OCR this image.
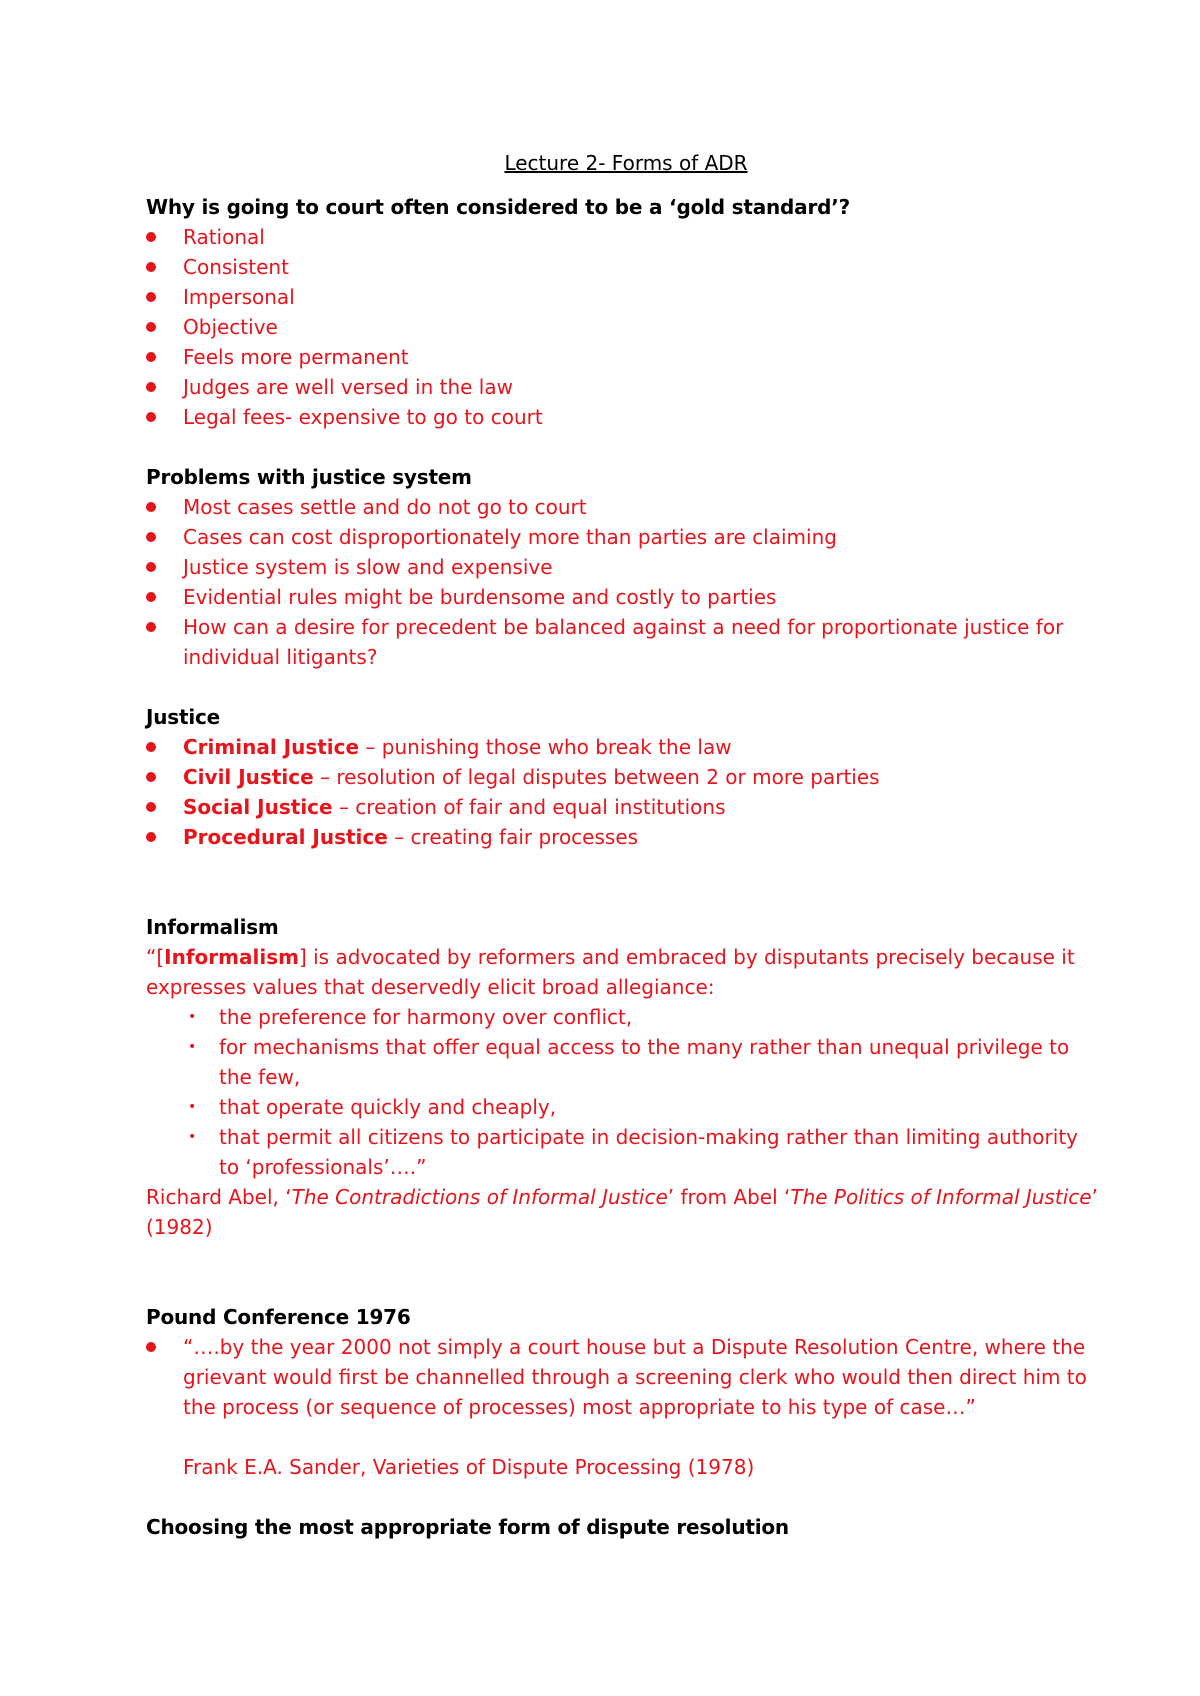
Lecture 2- Forms of ADR

Why is going to court often considered to be a ‘gold standard’?

Rational
Consistent
Impersonal
Objective
Feels more permanent
Judges are well versed in the law
Legal fees- expensive to go to court

Problems with justice system

Most cases settle and do not go to court
Cases can cost disproportionately more than parties are claiming
Justice system is slow and expensive
Evidential rules might be burdensome and costly to parties
How can a desire for precedent be balanced against a need for proportionate justice for individual litigants?

Justice

Criminal Justice – punishing those who break the law
Civil Justice – resolution of legal disputes between 2 or more parties
Social Justice – creation of fair and equal institutions
Procedural Justice – creating fair processes

Informalism

“[Informalism] is advocated by reformers and embraced by disputants precisely because it expresses values that deservedly elicit broad allegiance:

• the preference for harmony over conflict,
• for mechanisms that offer equal access to the many rather than unequal privilege to the few,
• that operate quickly and cheaply,
• that permit all citizens to participate in decision-making rather than limiting authority to ‘professionals’….”

Richard Abel, ‘The Contradictions of Informal Justice’ from Abel ‘The Politics of Informal Justice’ (1982)

Pound Conference 1976

“….by the year 2000 not simply a court house but a Dispute Resolution Centre, where the grievant would first be channelled through a screening clerk who would then direct him to the process (or sequence of processes) most appropriate to his type of case…”

Frank E.A. Sander, Varieties of Dispute Processing (1978)

Choosing the most appropriate form of dispute resolution
